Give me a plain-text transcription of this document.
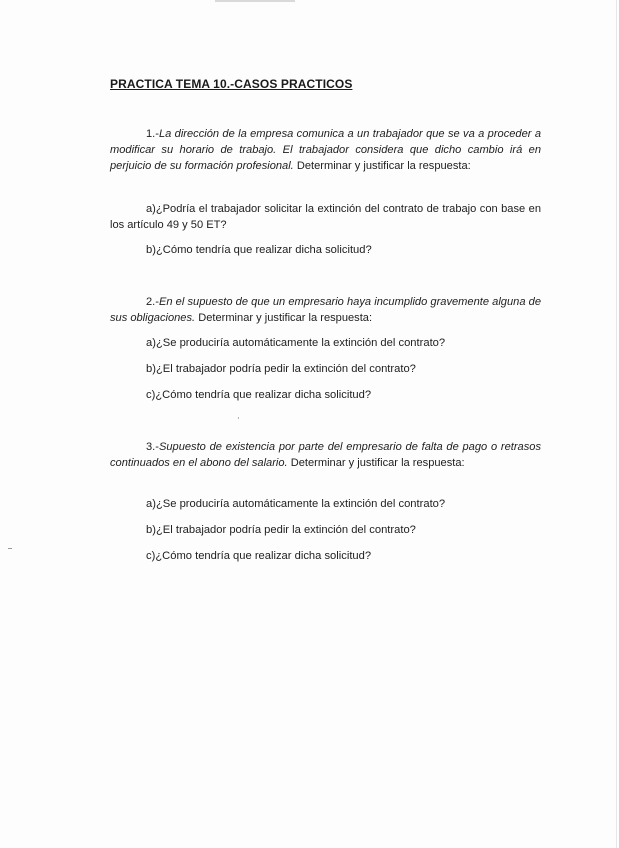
PRACTICA TEMA 10.-CASOS PRACTICOS

1.-La dirección de la empresa comunica a un trabajador que se va a proceder a modificar su horario de trabajo. El trabajador considera que dicho cambio irá en perjuicio de su formación profesional. Determinar y justificar la respuesta:

a)¿Podría el trabajador solicitar la extinción del contrato de trabajo con base en los artículo 49 y 50 ET?

b)¿Cómo tendría que realizar dicha solicitud?

2.-En el supuesto de que un empresario haya incumplido gravemente alguna de sus obligaciones. Determinar y justificar la respuesta:

a)¿Se produciría automáticamente la extinción del contrato?

b)¿El trabajador podría pedir la extinción del contrato?

c)¿Cómo tendría que realizar dicha solicitud?

3.-Supuesto de existencia por parte del empresario de falta de pago o retrasos continuados en el abono del salario. Determinar y justificar la respuesta:

a)¿Se produciría automáticamente la extinción del contrato?

b)¿El trabajador podría pedir la extinción del contrato?

c)¿Cómo tendría que realizar dicha solicitud?
